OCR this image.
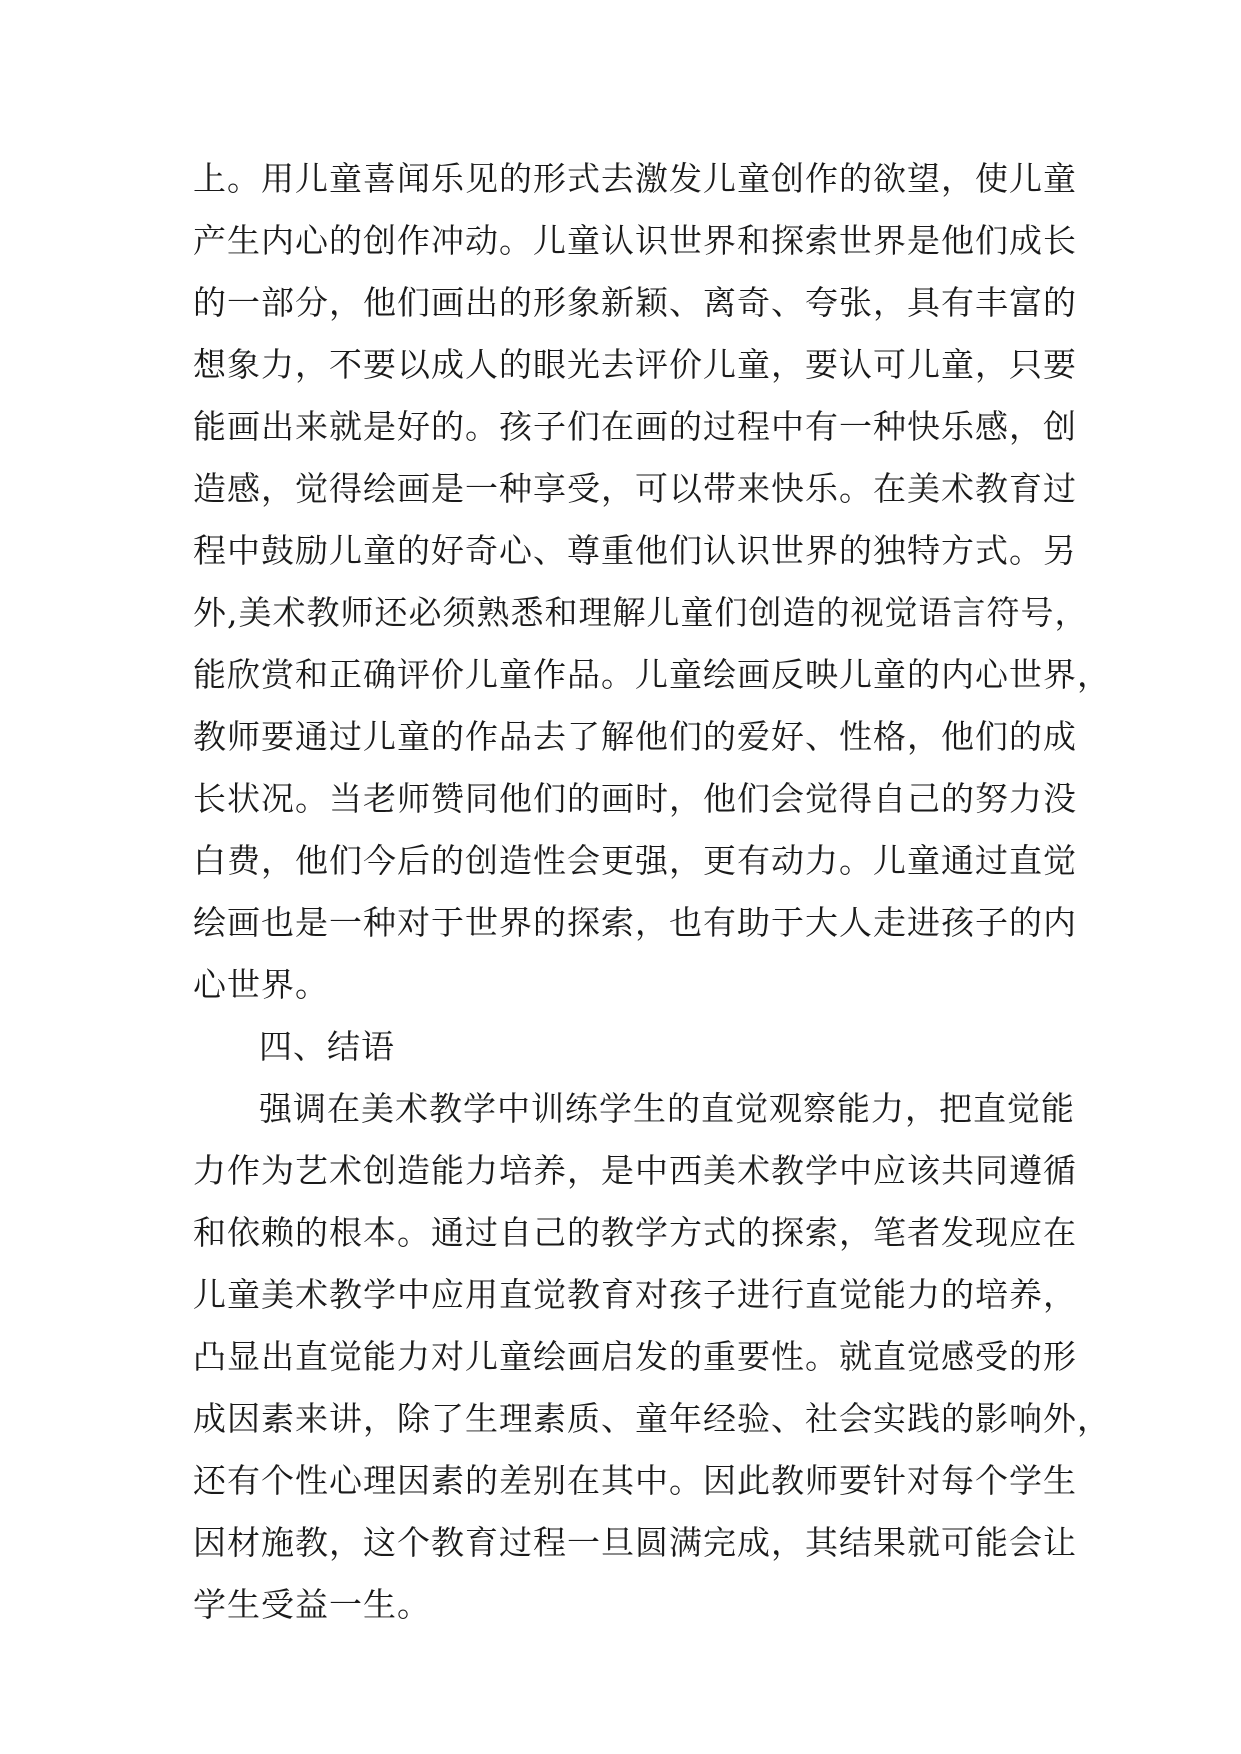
上。用儿童喜闻乐见的形式去激发儿童创作的欲望，使儿童
产生内心的创作冲动。儿童认识世界和探索世界是他们成长
的一部分，他们画出的形象新颖、离奇、夸张，具有丰富的
想象力，不要以成人的眼光去评价儿童，要认可儿童，只要
能画出来就是好的。孩子们在画的过程中有一种快乐感，创
造感，觉得绘画是一种享受，可以带来快乐。在美术教育过
程中鼓励儿童的好奇心、尊重他们认识世界的独特方式。另
外,美术教师还必须熟悉和理解儿童们创造的视觉语言符号，
能欣赏和正确评价儿童作品。儿童绘画反映儿童的内心世界，
教师要通过儿童的作品去了解他们的爱好、性格，他们的成
长状况。当老师赞同他们的画时，他们会觉得自己的努力没
白费，他们今后的创造性会更强，更有动力。儿童通过直觉
绘画也是一种对于世界的探索，也有助于大人走进孩子的内
心世界。
四、结语
强调在美术教学中训练学生的直觉观察能力，把直觉能
力作为艺术创造能力培养，是中西美术教学中应该共同遵循
和依赖的根本。通过自己的教学方式的探索，笔者发现应在
儿童美术教学中应用直觉教育对孩子进行直觉能力的培养，
凸显出直觉能力对儿童绘画启发的重要性。就直觉感受的形
成因素来讲，除了生理素质、童年经验、社会实践的影响外，
还有个性心理因素的差别在其中。因此教师要针对每个学生
因材施教，这个教育过程一旦圆满完成，其结果就可能会让
学生受益一生。
